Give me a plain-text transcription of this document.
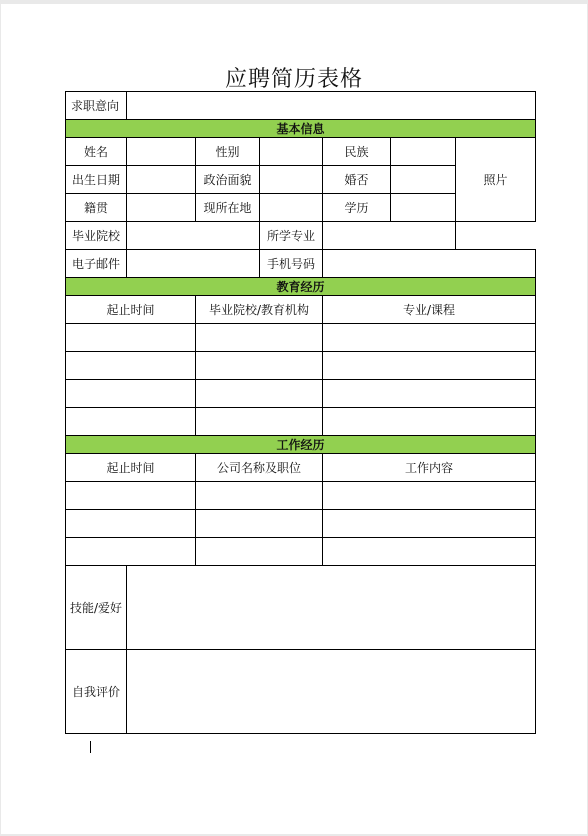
应聘简历表格
求职意向						
基本信息						
姓名		性别		民族		照片
出生日期		政治面貌		婚否		
籍贯		现所在地		学历		
毕业院校			所学专业			
电子邮件			手机号码			
教育经历						
起止时间		毕业院校/教育机构		专业/课程		

工作经历						
起止时间		公司名称及职位		工作内容		

技能/爱好						
自我评价						
